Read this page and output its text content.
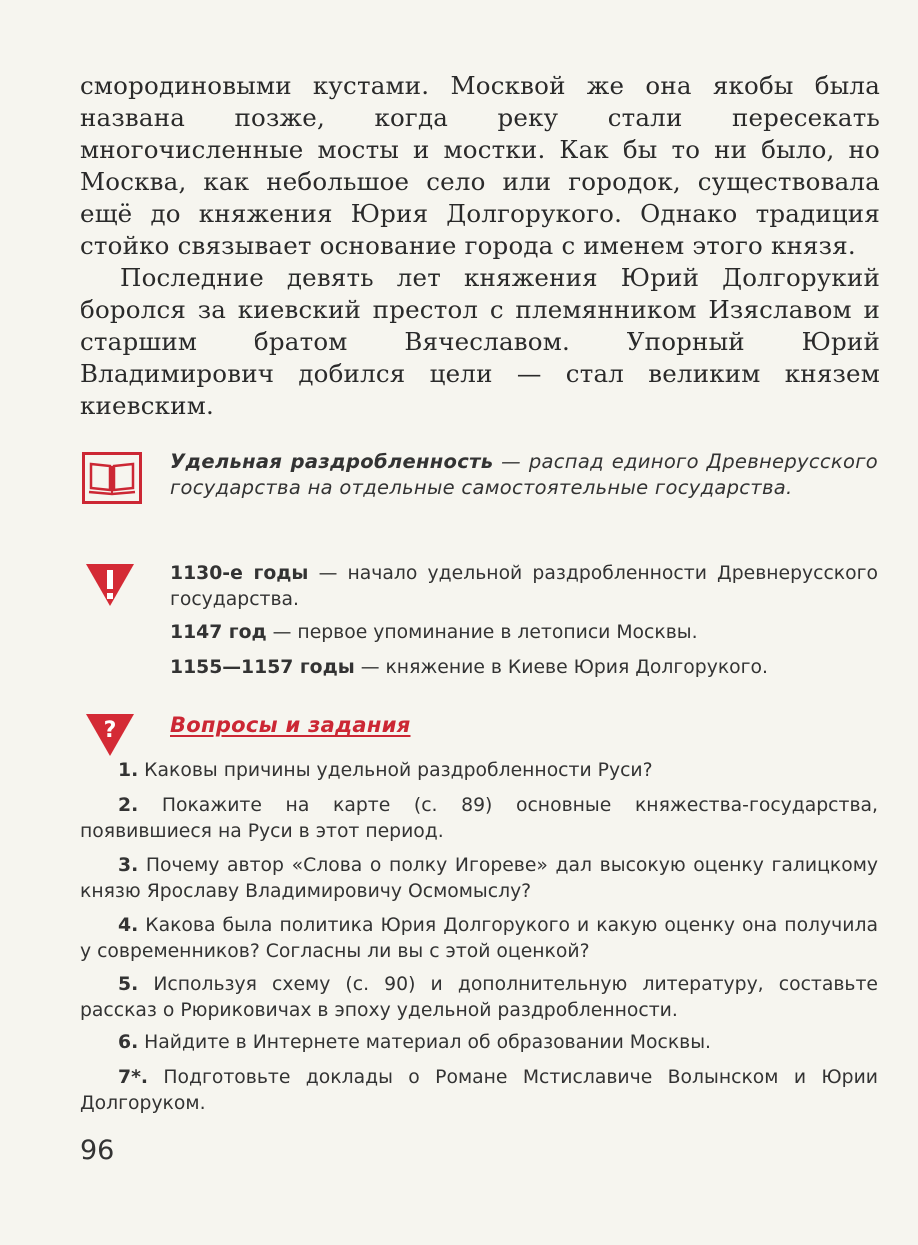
смородиновыми кустами. Москвой же она якобы была названа позже, когда реку стали пересекать многочисленные мосты и мостки. Как бы то ни было, но Москва, как небольшое село или городок, существовала ещё до княжения Юрия Долгорукого. Однако традиция стойко связывает основание города с именем этого князя.
Последние девять лет княжения Юрий Долгорукий боролся за киевский престол с племянником Изяславом и старшим братом Вячеславом. Упорный Юрий Владимирович добился цели — стал великим князем киевским.
Удельная раздробленность — распад единого Древнерусского государства на отдельные самостоятельные государства.
1130-е годы — начало удельной раздробленности Древнерусского государства.
1147 год — первое упоминание в летописи Москвы.
1155—1157 годы — княжение в Киеве Юрия Долгорукого.
?	Вопросы и задания
1. Каковы причины удельной раздробленности Руси?
2. Покажите на карте (с. 89) основные княжества-государства, появившиеся на Руси в этот период.
3. Почему автор «Слова о полку Игореве» дал высокую оценку галицкому князю Ярославу Владимировичу Осмомыслу?
4. Какова была политика Юрия Долгорукого и какую оценку она получила у современников? Согласны ли вы с этой оценкой?
5. Используя схему (с. 90) и дополнительную литературу, составьте рассказ о Рюриковичах в эпоху удельной раздробленности.
6. Найдите в Интернете материал об образовании Москвы.
7*. Подготовьте доклады о Романе Мстиславиче Волынском и Юрии Долгоруком.
96
